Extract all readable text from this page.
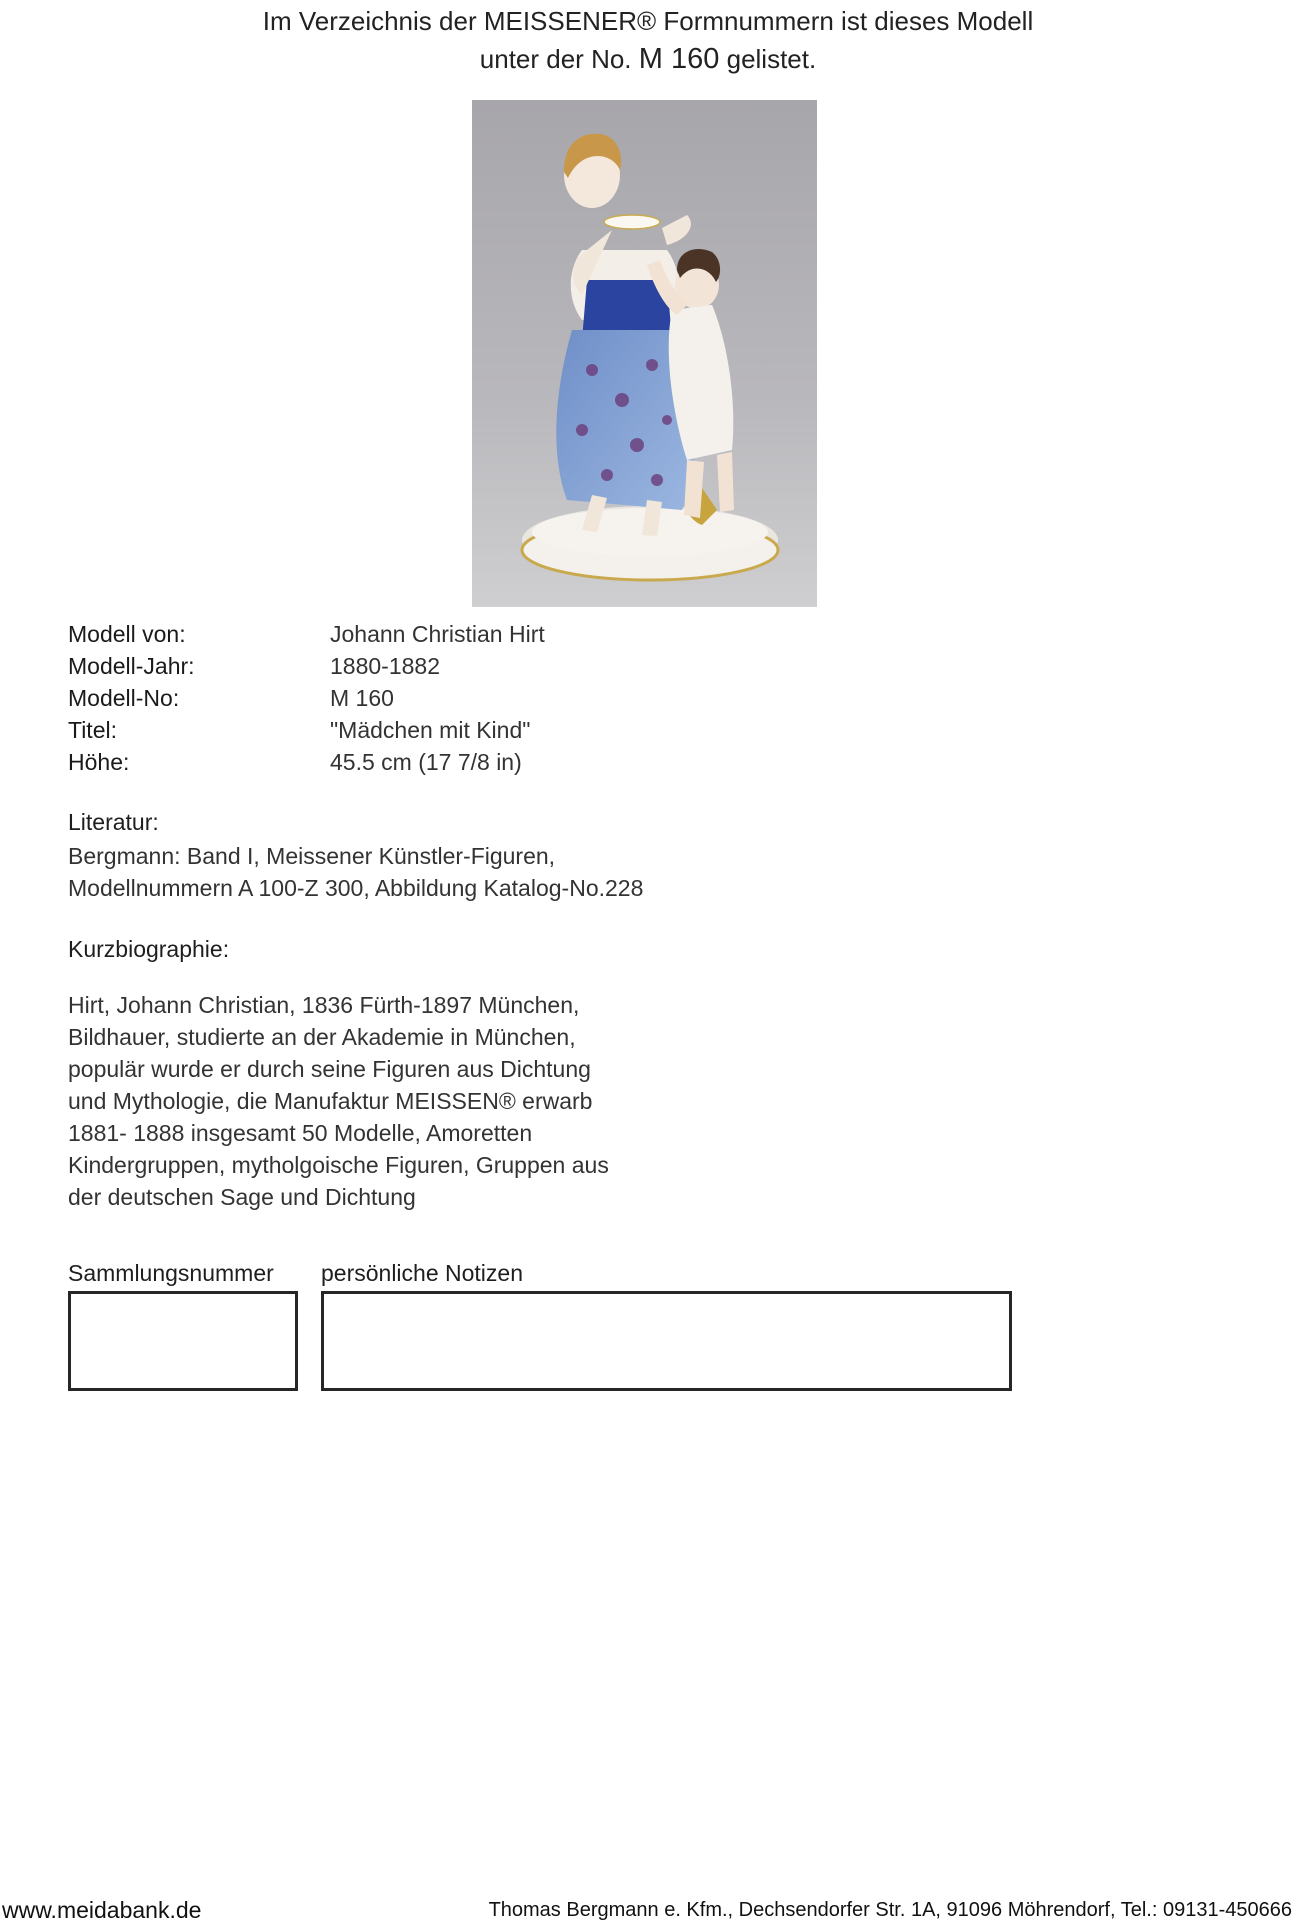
Im Verzeichnis der MEISSENER® Formnummern ist dieses Modell
unter der No. M 160 gelistet.
Modell von:	Johann Christian Hirt
Modell-Jahr:	1880-1882
Modell-No:	M 160
Titel:	"Mädchen mit Kind"
Höhe:	45.5 cm (17 7/8 in)
Literatur:
Bergmann: Band I, Meissener Künstler-Figuren,
Modellnummern A 100-Z 300, Abbildung Katalog-No.228
Kurzbiographie:
Hirt, Johann Christian, 1836 Fürth-1897 München,
Bildhauer, studierte an der Akademie in München,
populär wurde er durch seine Figuren aus Dichtung
und Mythologie, die Manufaktur MEISSEN® erwarb
1881- 1888 insgesamt 50 Modelle, Amoretten
Kindergruppen, mytholgoische Figuren, Gruppen aus
der deutschen Sage und Dichtung
Sammlungsnummer persönliche Notizen
www.meidabank.de	Thomas Bergmann e. Kfm., Dechsendorfer Str. 1A, 91096 Möhrendorf, Tel.: 09131-450666
